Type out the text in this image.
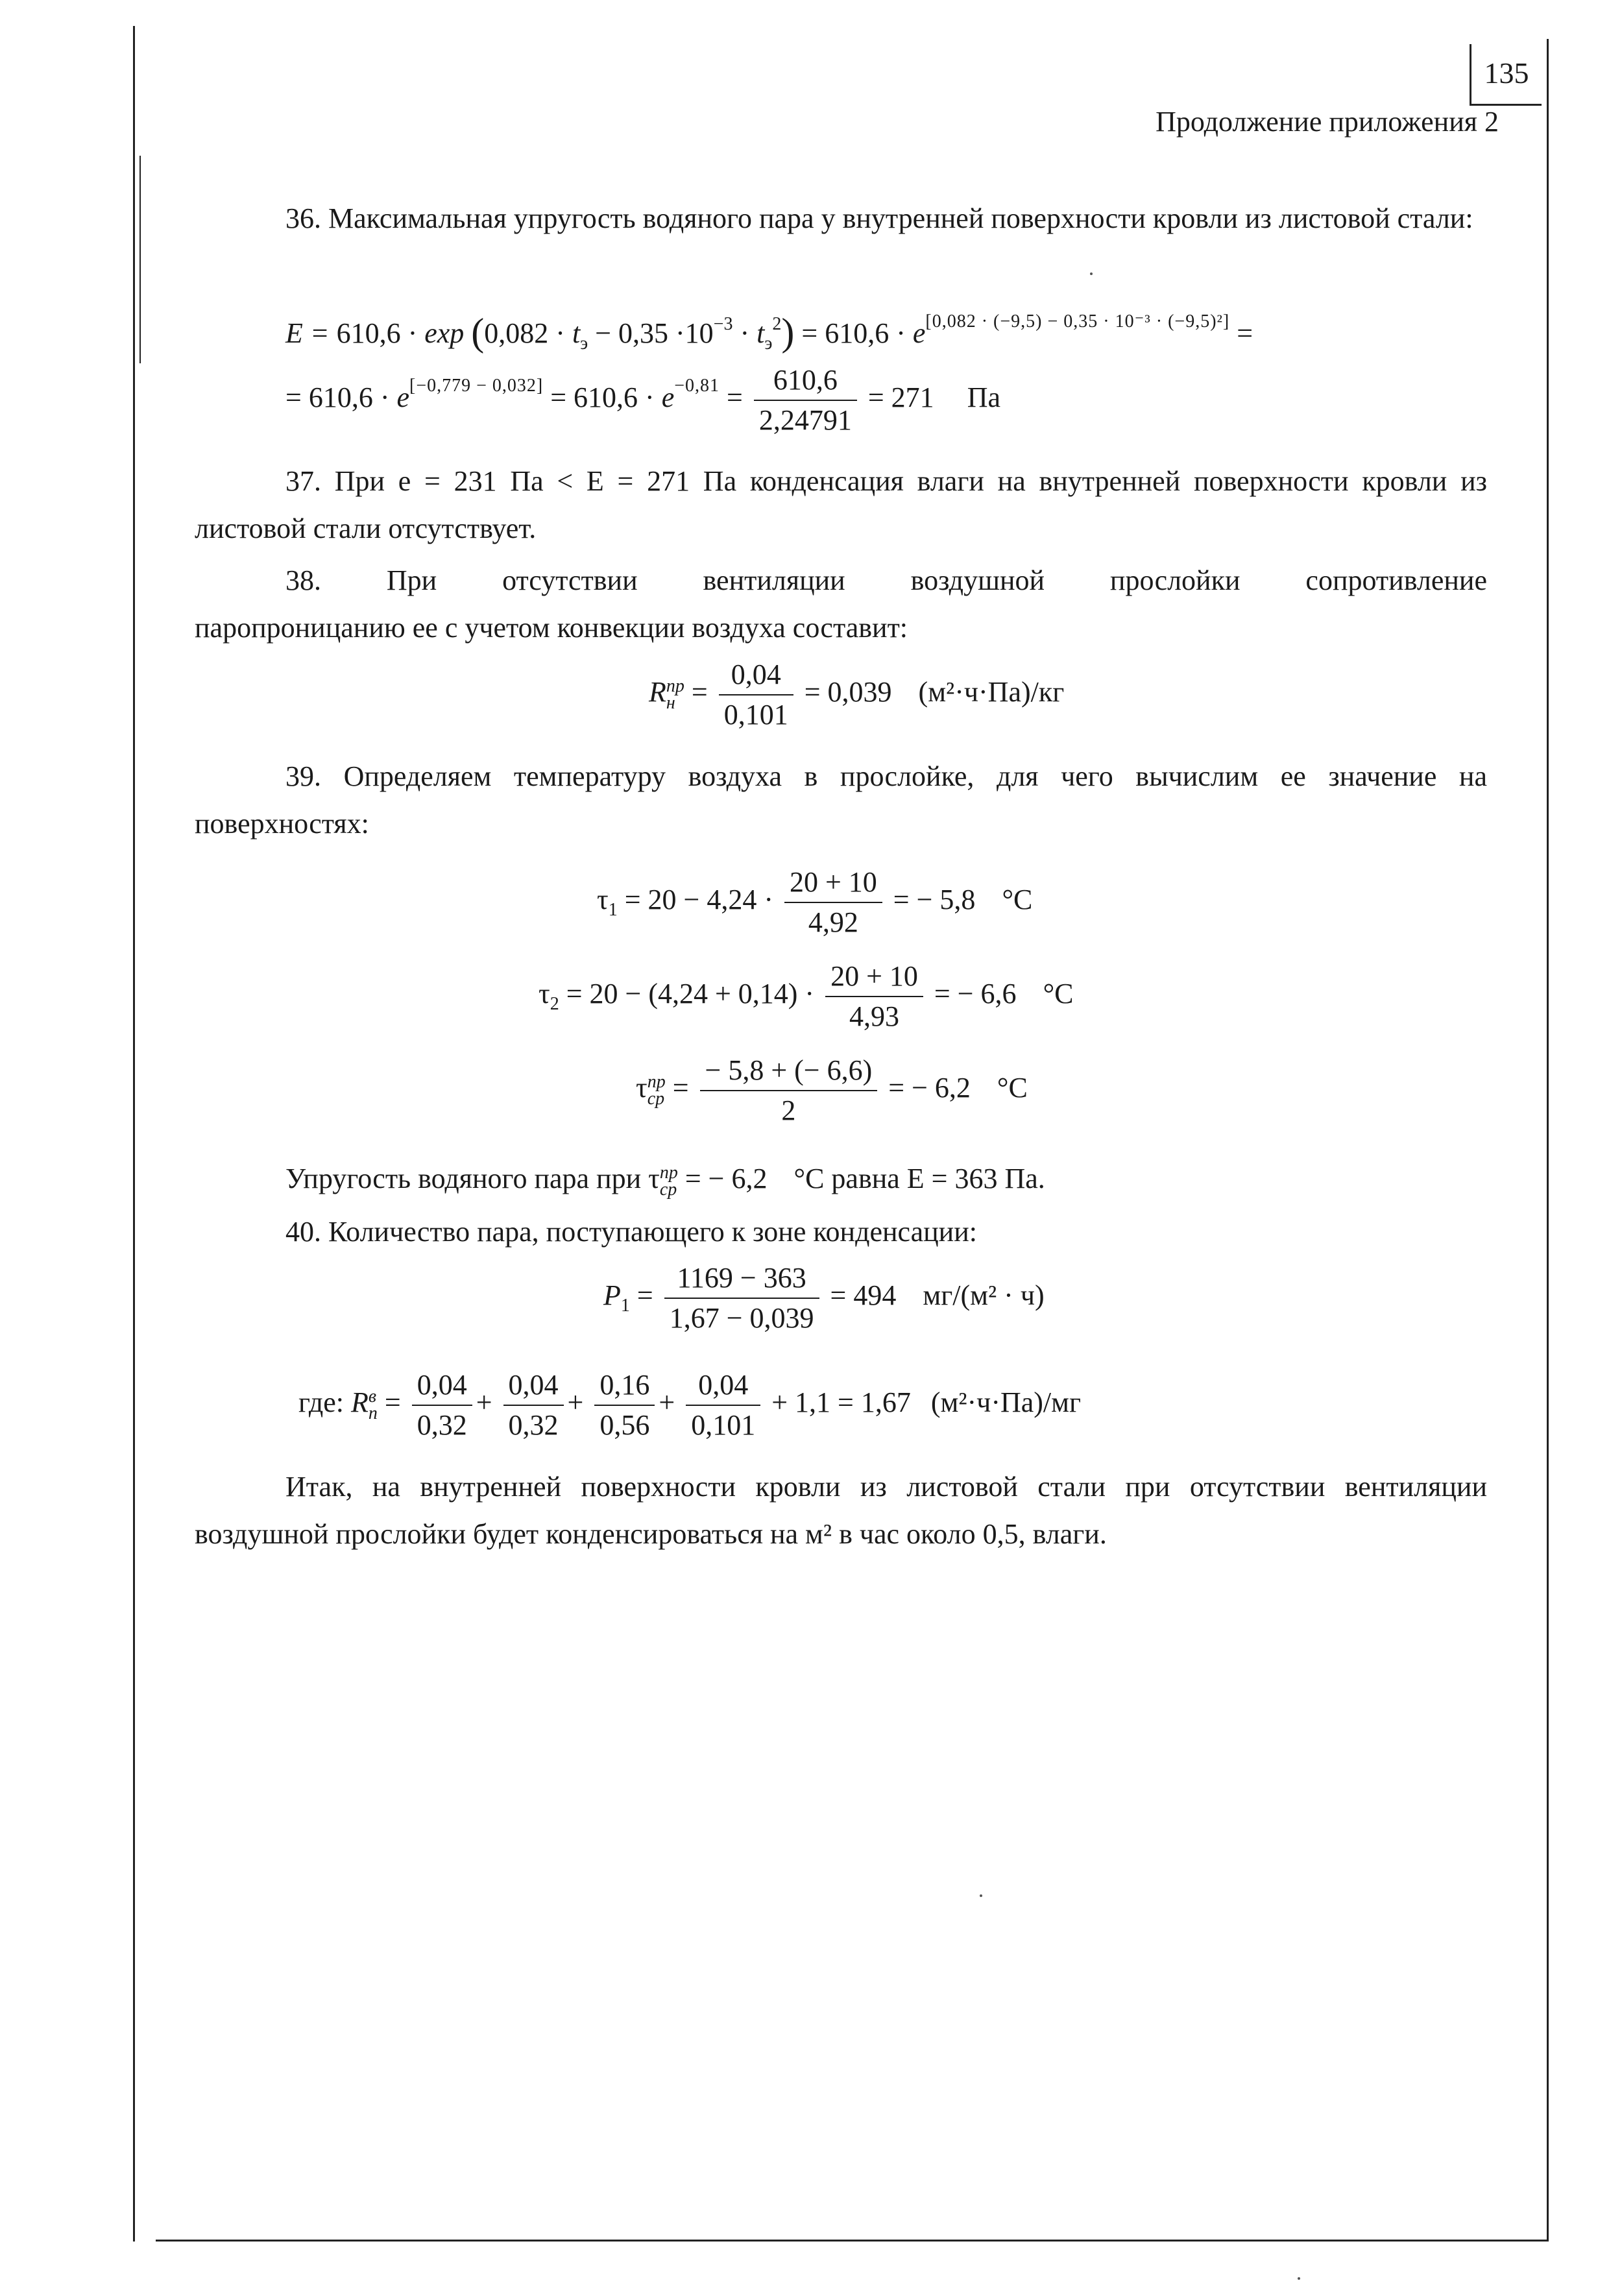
135
Продолжение приложения 2
36. Максимальная упругость водяного пара у внутренней поверхности кровли из листовой стали:
$E = 610,6 \cdot \exp (0,082 \cdot t_э - 0,35 \cdot 10^{-3} \cdot t_э^2) = 610,6 \cdot e[0,082 \cdot (-9,5) - 0,35 \cdot 10^{-3} \cdot (-9,5)^2]$ =
= $610,6 \cdot e[-0,779 - 0,032] = 610,6 \cdot e^{-0,81} = \frac{610,6}{2,24791} = 271$ Па
37. При е = 231 Па < Е = 271 Па конденсация влаги на внутренней поверхности кровли из листовой стали отсутствует.
38. При отсутствии вентиляции воздушной прослойки сопротивление
паропроницанию ее с учетом конвекции воздуха составит:
R пр
$н = \frac{0,04}{0,101} = 0,039$ (м²·ч·Па)/кг
39. Определяем температуру воздуха в прослойке, для чего вычислим ее значение на поверхностях:
$\tau_1 = 20 - 4,24 \cdot \frac{20 + 10}{4,92}$ = − 5,8 °С
$\tau_2 = 20 - (4,24 + 0,14) \cdot \frac{20 + 10}{4,93}$ = − 6,6 °С
τ пр
ср = $\frac{- 5,8 + (- 6,6)}{2}$ = − 6,2 °С
Упругость водяного пара при τ пр
ср = − 6,2 °С равна Е = 363 Па.
40. Количество пара, поступающего к зоне конденсации:
$P_1 = \frac{1169 - 363}{1,67 - 0,039} = 494$ мг/(м² · ч)
где: R в
$п = \frac{0,04}{0,32} + \frac{0,04}{0,32} + \frac{0,16}{0,56} + \frac{0,04}{0,101} + 1,1 = 1,67$ (м²·ч·Па)/мг
Итак, на внутренней поверхности кровли из листовой стали при отсутствии вентиляции воздушной прослойки будет конденсироваться на м² в час около 0,5, влаги.
